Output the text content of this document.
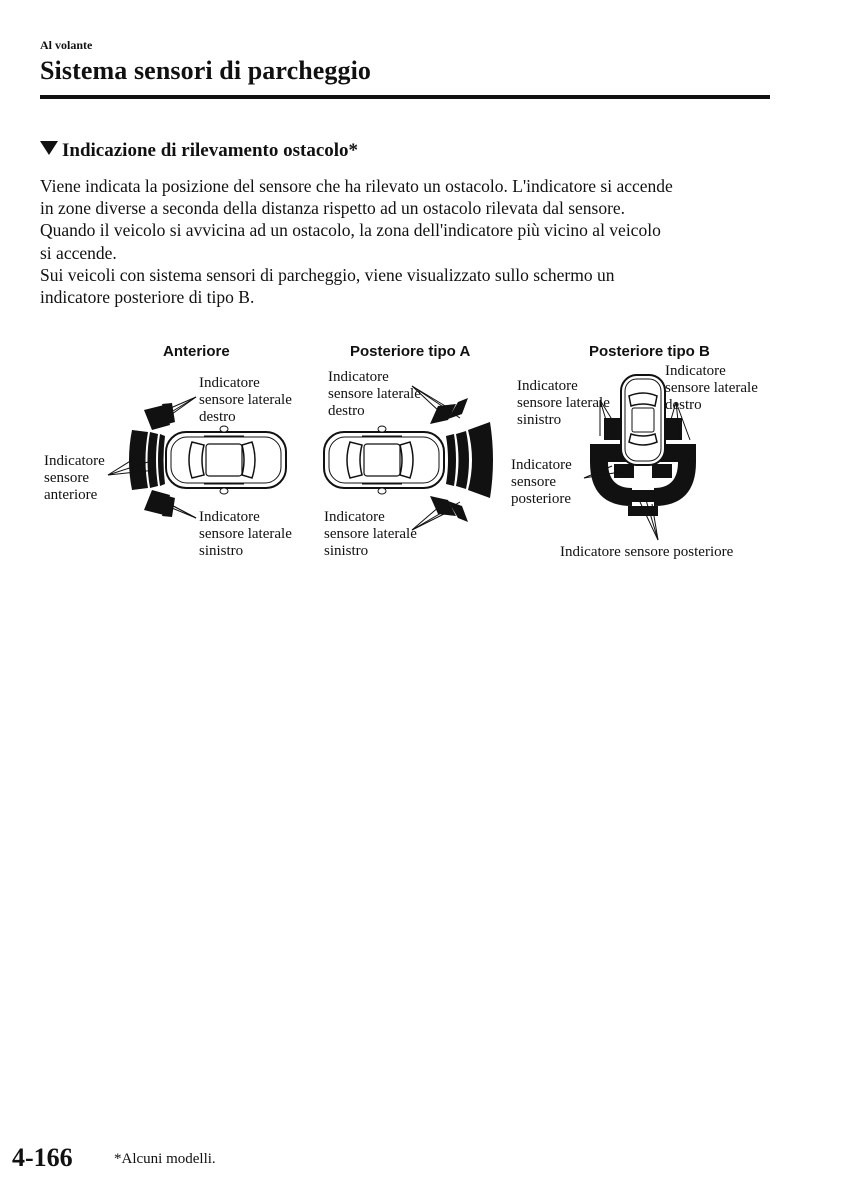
Al volante
Sistema sensori di parcheggio
Indicazione di rilevamento ostacolo*

Viene indicata la posizione del sensore che ha rilevato un ostacolo. L'indicatore si accende
in zone diverse a seconda della distanza rispetto ad un ostacolo rilevata dal sensore.
Quando il veicolo si avvicina ad un ostacolo, la zona dell'indicatore più vicino al veicolo
si accende.

Sui veicoli con sistema sensori di parcheggio, viene visualizzato sullo schermo un
indicatore posteriore di tipo B.

Anteriore
Indicatore
sensore laterale
destro
Indicatore
sensore
anteriore
Indicatore
sensore laterale
sinistro
Posteriore tipo A
Indicatore
sensore laterale
destro
Indicatore
sensore laterale
sinistro
Posteriore tipo B
Indicatore
sensore laterale
sinistro
Indicatore
sensore laterale
destro
Indicatore
sensore
posteriore
Indicatore sensore posteriore
4-166	*Alcuni modelli.
